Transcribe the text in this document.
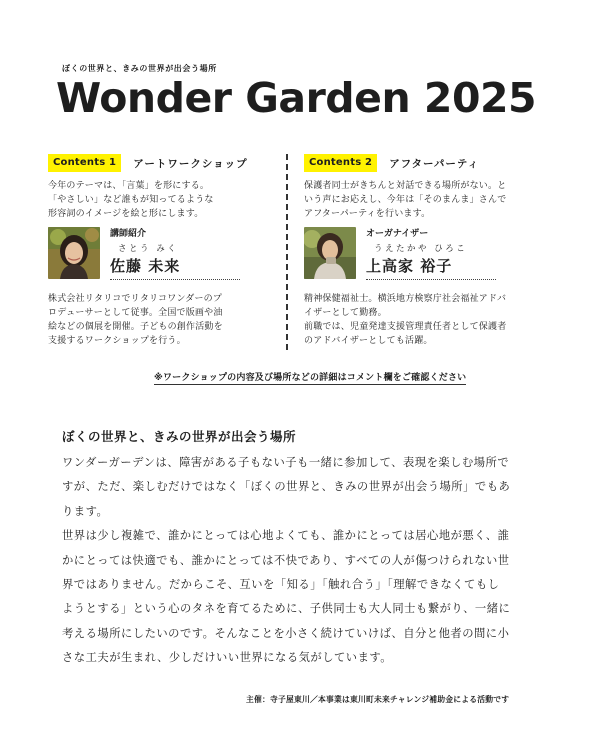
ぼくの世界と、きみの世界が出会う場所
Wonder Garden 2025
Contents 1	アートワークショップ
今年のテーマは、「言葉」を形にする。
「やさしい」など誰もが知ってるような
形容詞のイメージを絵と形にします。
講師紹介
さとう みく
佐藤 未来
株式会社リタリコでリタリコワンダーのプ
ロデューサーとして従事。全国で版画や油
絵などの個展を開催。子どもの創作活動を
支援するワークショップを行う。
Contents 2	アフターパーティ
保護者同士がきちんと対話できる場所がない。と
いう声にお応えし、今年は「そのまんま」さんで
アフターパーティを行います。
オーガナイザー
うえたかや ひろこ
上高家 裕子
精神保健福祉士。横浜地方検察庁社会福祉アドバ
イザーとして勤務。
前職では、児童発達支援管理責任者として保護者
のアドバイザーとしても活躍。
※ワークショップの内容及び場所などの詳細はコメント欄をご確認ください
ぼくの世界と、きみの世界が出会う場所

ワンダーガーデンは、障害がある子もない子も一緒に参加して、表現を楽しむ場所で
すが、ただ、楽しむだけではなく「ぼくの世界と、きみの世界が出会う場所」でもあ
ります。

世界は少し複雑で、誰かにとっては心地よくても、誰かにとっては居心地が悪く、誰
かにとっては快適でも、誰かにとっては不快であり、すべての人が傷つけられない世
界ではありません。だからこそ、互いを「知る」「触れ合う」「理解できなくてもし
ようとする」という心のタネを育てるために、子供同士も大人同士も繋がり、一緒に
考える場所にしたいのです。そんなことを小さく続けていけば、自分と他者の間に小
さな工夫が生まれ、少しだけいい世界になる気がしています。

主催：寺子屋東川／本事業は東川町未来チャレンジ補助金による活動です
